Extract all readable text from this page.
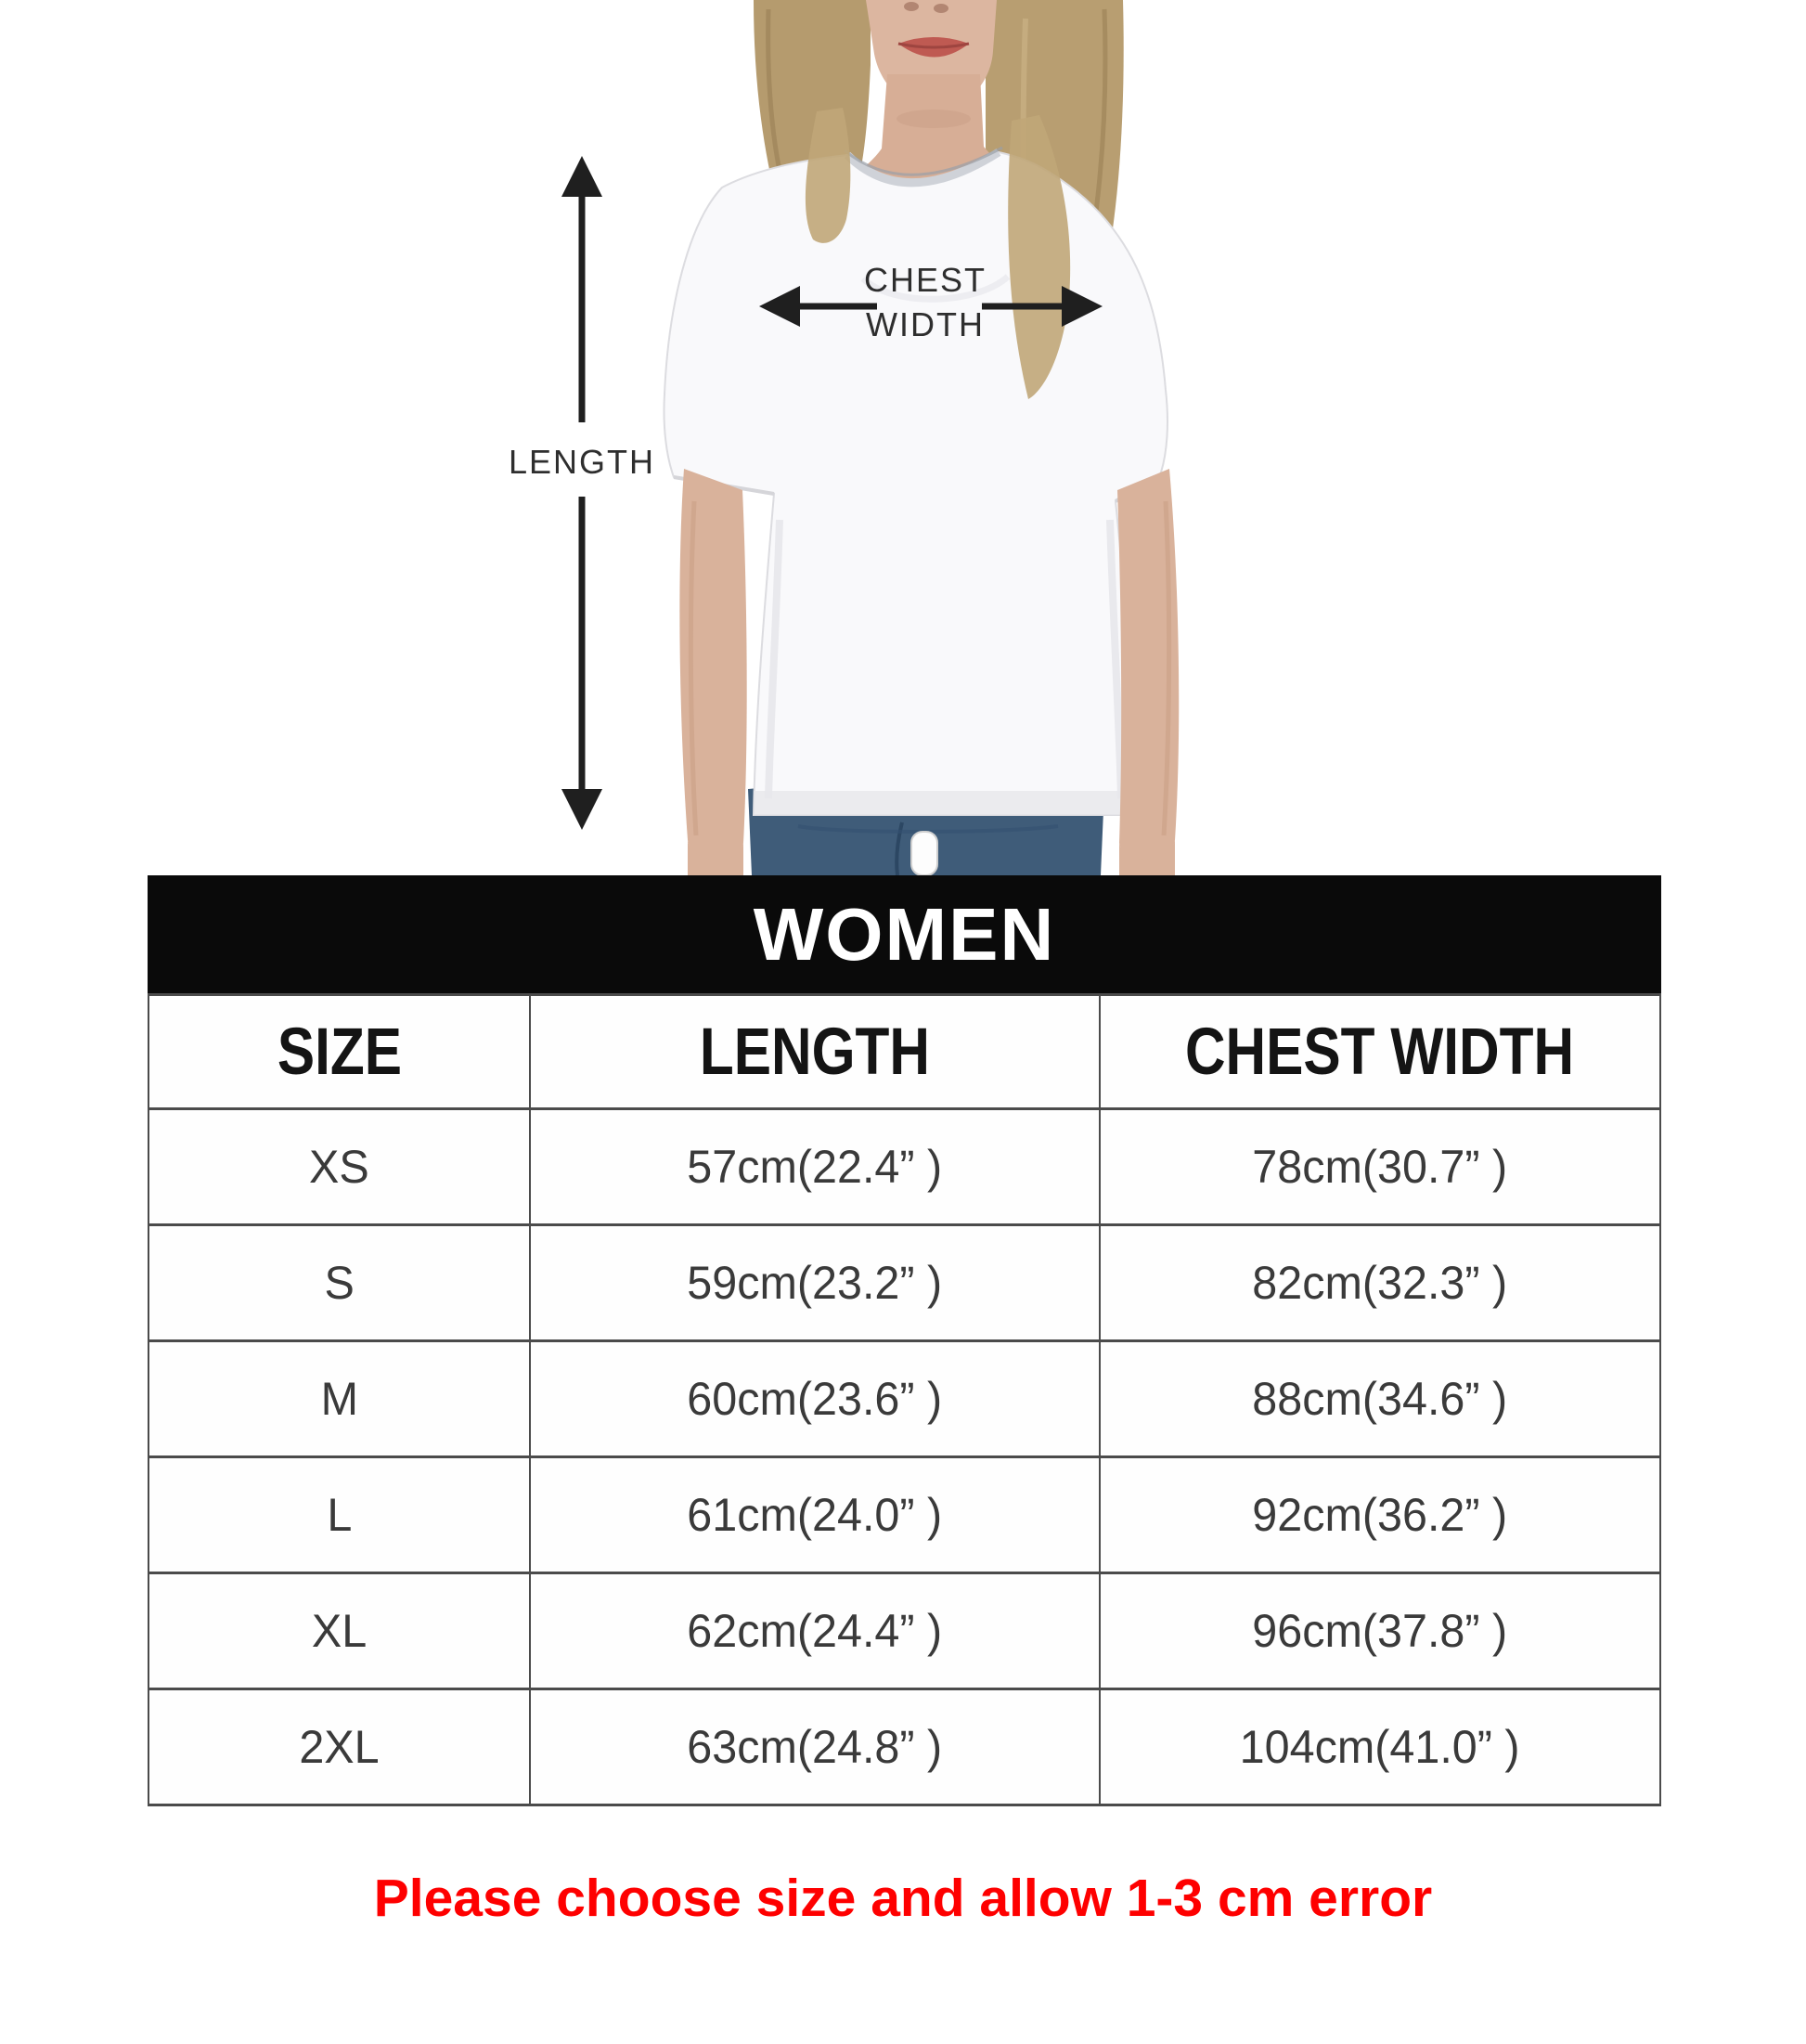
LENGTH
CHEST
WIDTH
WOMEN
SIZE	LENGTH	CHEST WIDTH
XS	57cm(22.4” )	78cm(30.7” )
S	59cm(23.2” )	82cm(32.3” )
M	60cm(23.6” )	88cm(34.6” )
L	61cm(24.0” )	92cm(36.2” )
XL	62cm(24.4” )	96cm(37.8” )
2XL	63cm(24.8” )	104cm(41.0” )
Please choose size and allow 1-3 cm error
